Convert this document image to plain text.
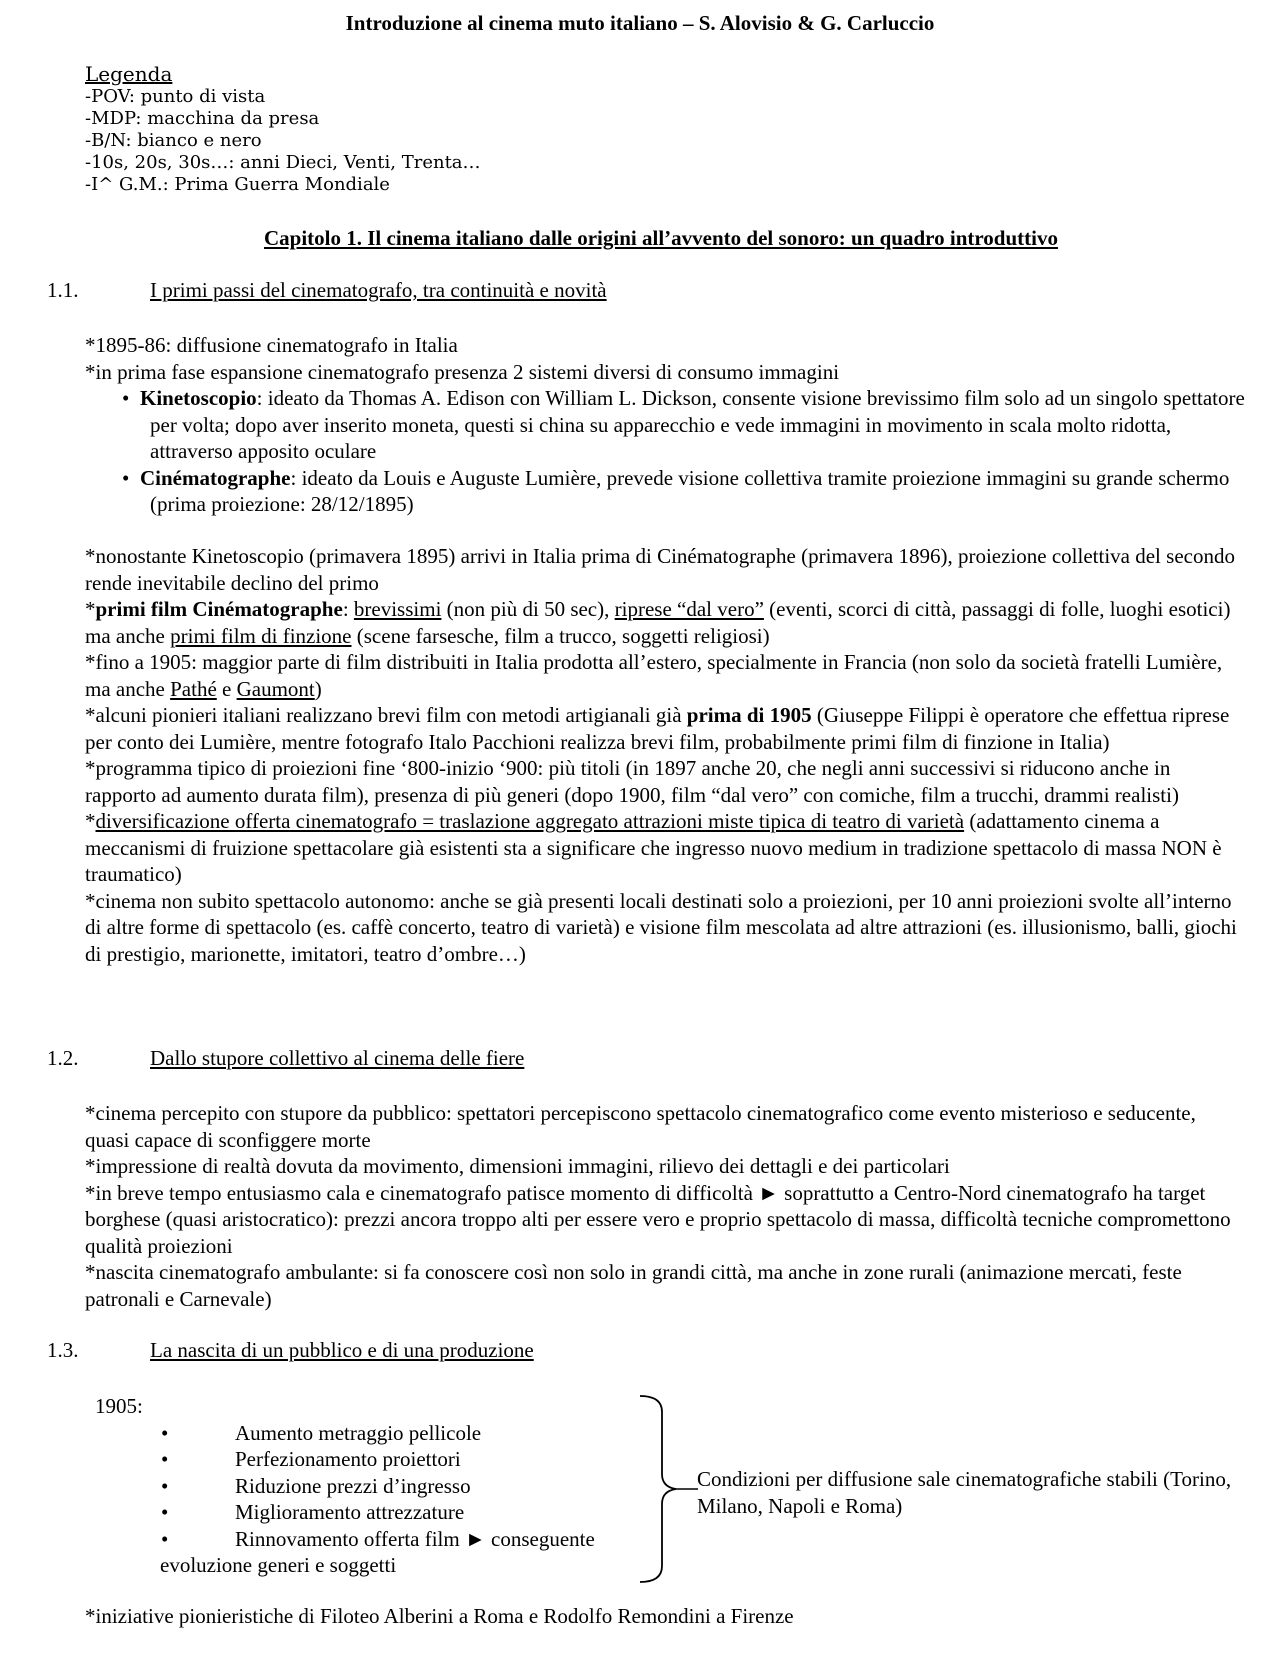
Introduzione al cinema muto italiano – S. Alovisio & G. Carluccio
Legenda
-POV: punto di vista
-MDP: macchina da presa
-B/N: bianco e nero
-10s, 20s, 30s…: anni Dieci, Venti, Trenta…
-I^ G.M.: Prima Guerra Mondiale
Capitolo 1. Il cinema italiano dalle origini all’avvento del sonoro: un quadro introduttivo
1.1.	I primi passi del cinematografo, tra continuità e novità

*1895-86: diffusione cinematografo in Italia

*in prima fase espansione cinematografo presenza 2 sistemi diversi di consumo immagini

• Kinetoscopio: ideato da Thomas A. Edison con William L. Dickson, consente visione brevissimo film solo ad un singolo spettatore per volta; dopo aver inserito moneta, questi si china su apparecchio e vede immagini in movimento in scala molto ridotta, attraverso apposito oculare
• Cinématographe: ideato da Louis e Auguste Lumière, prevede visione collettiva tramite proiezione immagini su grande schermo (prima proiezione: 28/12/1895)

*nonostante Kinetoscopio (primavera 1895) arrivi in Italia prima di Cinématographe (primavera 1896), proiezione collettiva del secondo rende inevitabile declino del primo

*primi film Cinématographe: brevissimi (non più di 50 sec), riprese “dal vero” (eventi, scorci di città, passaggi di folle, luoghi esotici) ma anche primi film di finzione (scene farsesche, film a trucco, soggetti religiosi)

*fino a 1905: maggior parte di film distribuiti in Italia prodotta all’estero, specialmente in Francia (non solo da società fratelli Lumière, ma anche Pathé e Gaumont)

*alcuni pionieri italiani realizzano brevi film con metodi artigianali già prima di 1905 (Giuseppe Filippi è operatore che effettua riprese per conto dei Lumière, mentre fotografo Italo Pacchioni realizza brevi film, probabilmente primi film di finzione in Italia)

*programma tipico di proiezioni fine ‘800-inizio ‘900: più titoli (in 1897 anche 20, che negli anni successivi si riducono anche in rapporto ad aumento durata film), presenza di più generi (dopo 1900, film “dal vero” con comiche, film a trucchi, drammi realisti)

*diversificazione offerta cinematografo = traslazione aggregato attrazioni miste tipica di teatro di varietà (adattamento cinema a meccanismi di fruizione spettacolare già esistenti sta a significare che ingresso nuovo medium in tradizione spettacolo di massa NON è traumatico)

*cinema non subito spettacolo autonomo: anche se già presenti locali destinati solo a proiezioni, per 10 anni proiezioni svolte all’interno di altre forme di spettacolo (es. caffè concerto, teatro di varietà) e visione film mescolata ad altre attrazioni (es. illusionismo, balli, giochi di prestigio, marionette, imitatori, teatro d’ombre…)

1.2.	Dallo stupore collettivo al cinema delle fiere

*cinema percepito con stupore da pubblico: spettatori percepiscono spettacolo cinematografico come evento misterioso e seducente, quasi capace di sconfiggere morte

*impressione di realtà dovuta da movimento, dimensioni immagini, rilievo dei dettagli e dei particolari

*in breve tempo entusiasmo cala e cinematografo patisce momento di difficoltà ► soprattutto a Centro-Nord cinematografo ha target borghese (quasi aristocratico): prezzi ancora troppo alti per essere vero e proprio spettacolo di massa, difficoltà tecniche compromettono qualità proiezioni

*nascita cinematografo ambulante: si fa conoscere così non solo in grandi città, ma anche in zone rurali (animazione mercati, feste patronali e Carnevale)

1.3.	La nascita di un pubblico e di una produzione
1905:
•	Aumento metraggio pellicole
•	Perfezionamento proiettori
•	Riduzione prezzi d’ingresso
•	Miglioramento attrezzature
•	Rinnovamento offerta film ► conseguente
evoluzione generi e soggetti
Condizioni per diffusione sale cinematografiche stabili (Torino, Milano, Napoli e Roma)
*iniziative pionieristiche di Filoteo Alberini a Roma e Rodolfo Remondini a Firenze
